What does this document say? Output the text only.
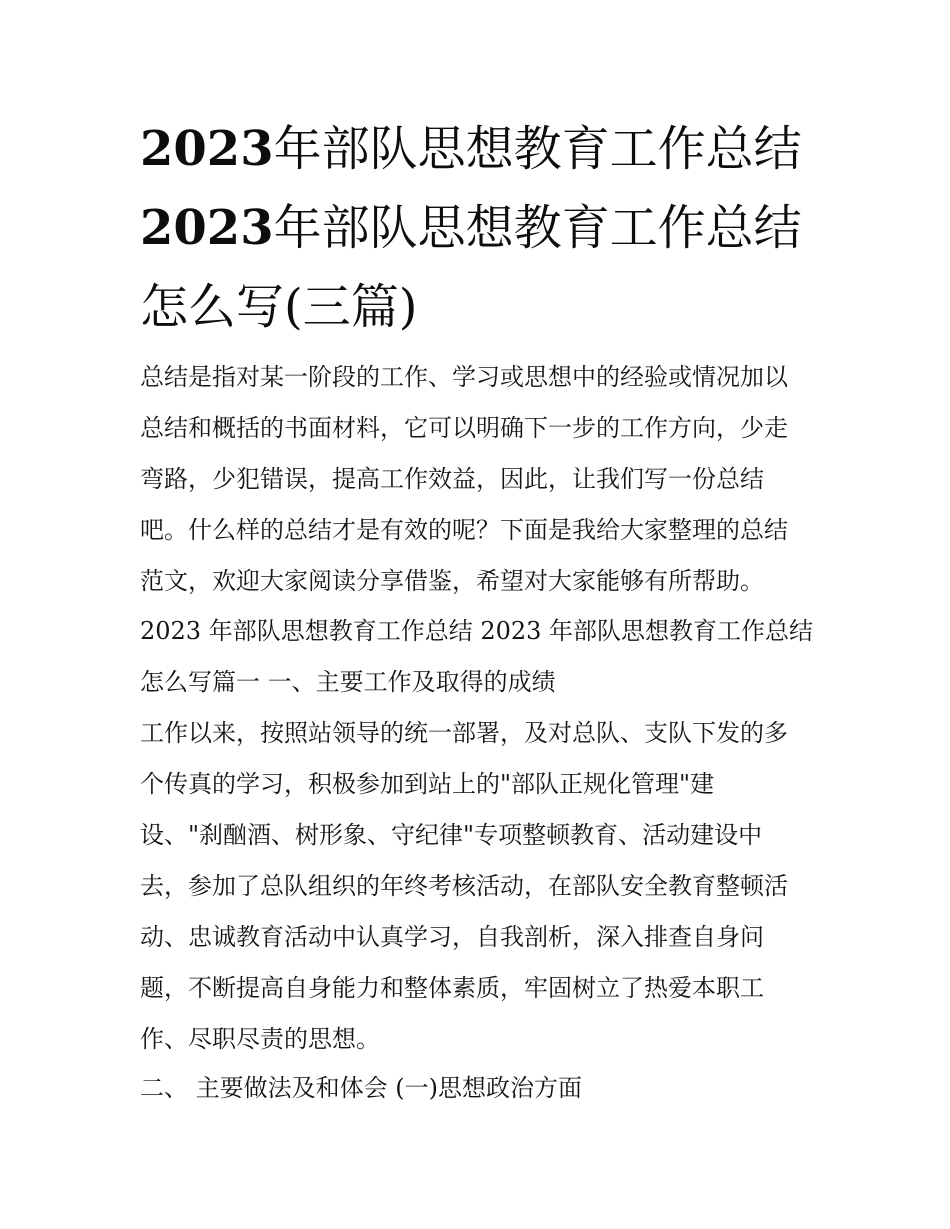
2023年部队思想教育工作总结
2023年部队思想教育工作总结
怎么写(三篇)
总结是指对某一阶段的工作、学习或思想中的经验或情况加以
总结和概括的书面材料，它可以明确下一步的工作方向，少走
弯路，少犯错误，提高工作效益，因此，让我们写一份总结
吧。什么样的总结才是有效的呢？下面是我给大家整理的总结
范文，欢迎大家阅读分享借鉴，希望对大家能够有所帮助。
2023 年部队思想教育工作总结 2023 年部队思想教育工作总结
怎么写篇一 一、主要工作及取得的成绩
工作以来，按照站领导的统一部署，及对总队、支队下发的多
个传真的学习，积极参加到站上的"部队正规化管理"建
设、"刹酗酒、树形象、守纪律"专项整顿教育、活动建设中
去，参加了总队组织的年终考核活动，在部队安全教育整顿活
动、忠诚教育活动中认真学习，自我剖析，深入排查自身问
题，不断提高自身能力和整体素质，牢固树立了热爱本职工
作、尽职尽责的思想。
二、 主要做法及和体会 (一)思想政治方面
